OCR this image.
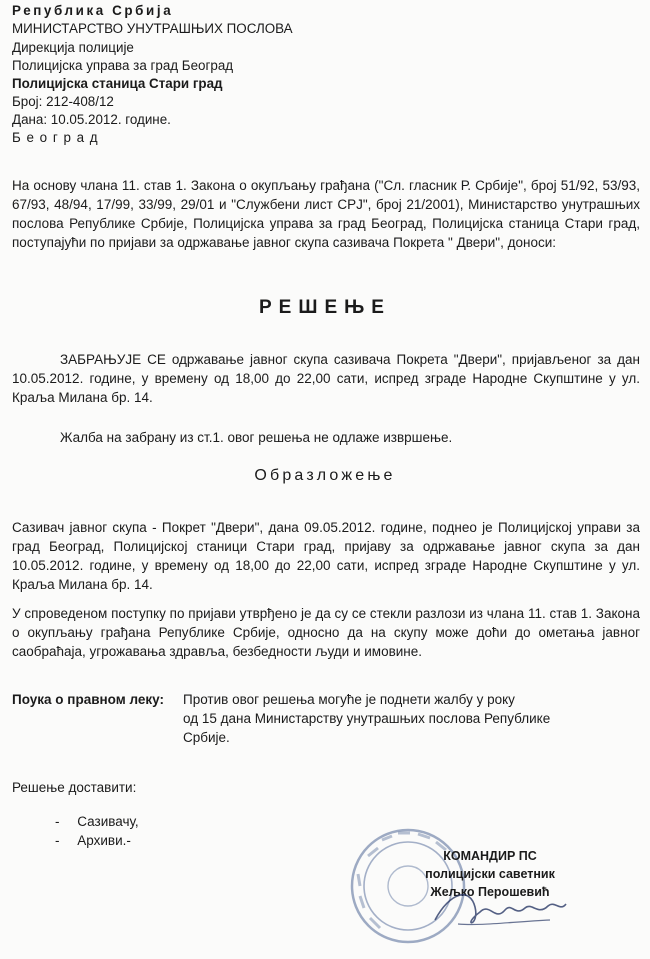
Република Србија
МИНИСТАРСТВО УНУТРАШЊИХ ПОСЛОВА
Дирекција полиције
Полицијска управа за град Београд
Полицијска станица Стари град
Број: 212-408/12
Дана: 10.05.2012. године.
Б е о г р а д
На основу члана 11. став 1. Закона о окупљању грађана ("Сл. гласник Р. Србије", број 51/92, 53/93, 67/93, 48/94, 17/99, 33/99, 29/01 и "Службени лист СРЈ", број 21/2001), Министарство унутрашњих послова Републике Србије, Полицијска управа за град Београд, Полицијска станица Стари град, поступајући по пријави за одржавање јавног скупа сазивача Покрета " Двери", доноси:
РЕШЕЊЕ
ЗАБРАЊУЈЕ СЕ одржавање јавног скупа сазивача Покрета "Двери", пријављеног за дан 10.05.2012. године, у времену од 18,00 до 22,00 сати, испред зграде Народне Скупштине у ул. Краља Милана бр. 14.
Жалба на забрану из ст.1. овог решења не одлаже извршење.
Образложење
Сазивач јавног скупа - Покрет "Двери", дана 09.05.2012. године, поднео је Полицијској управи за град Београд, Полицијској станици Стари град, пријаву за одржавање јавног скупа за дан 10.05.2012. године, у времену од 18,00 до 22,00 сати, испред зграде Народне Скупштине у ул. Краља Милана бр. 14.
У спроведеном поступку по пријави утврђено је да су се стекли разлози из члана 11. став 1. Закона о окупљању грађана Републике Србије, односно да на скупу може доћи до ометања јавног саобраћаја, угрожавања здравља, безбедности људи и имовине.
Поука о правном леку: Против овог решења могуће је поднети жалбу у року
од 15 дана Министарству унутрашњих послова Републике
Србије.
Решење доставити:
- Сазивачу,
- Архиви.-
КОМАНДИР ПС
полицијски саветник
Жељко Перошевић
